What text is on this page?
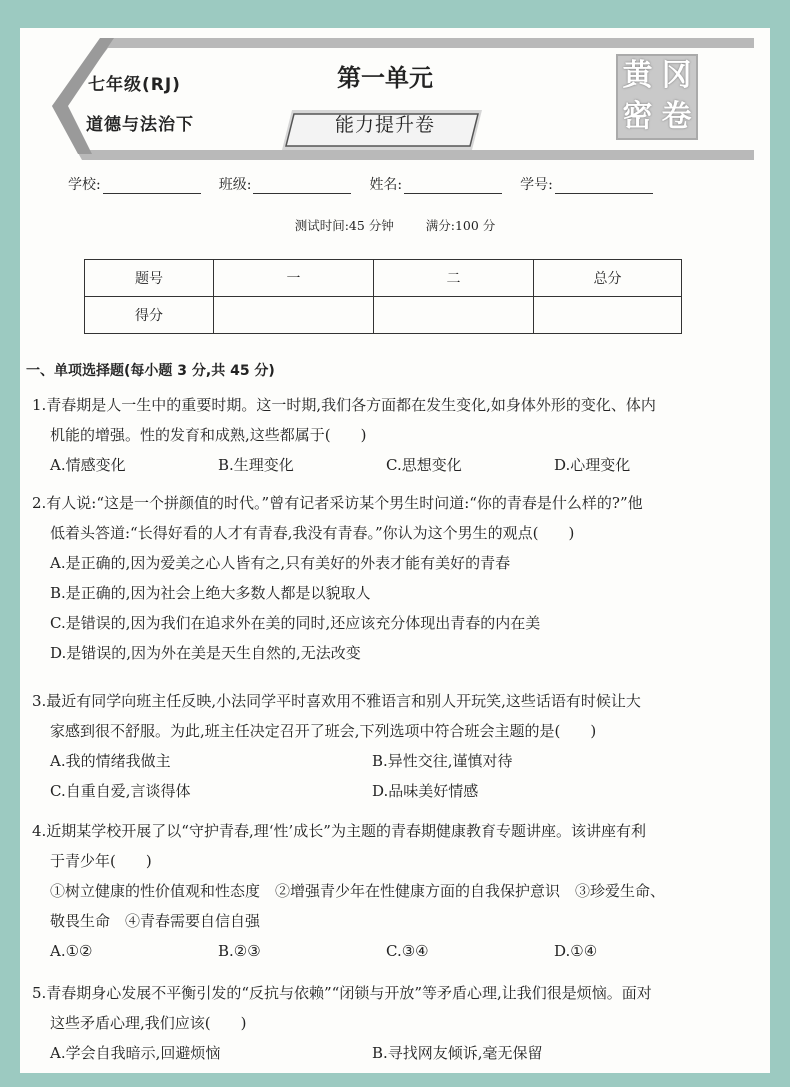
七年级(RJ)
道德与法治下
第一单元
能力提升卷
黄 冈
密 卷
学校:	班级:	姓名:	学号:
测试时间:45 分钟	满分:100 分
题号	一	二	总分
得分			
一、单项选择题(每小题 3 分,共 45 分)

1.青春期是人一生中的重要时期。这一时期,我们各方面都在发生变化,如身体外形的变化、体内

机能的增强。性的发育和成熟,这些都属于(　　)

A.情感变化	B.生理变化	C.思想变化	D.心理变化

2.有人说:“这是一个拼颜值的时代。”曾有记者采访某个男生时问道:“你的青春是什么样的?”他

低着头答道:“长得好看的人才有青春,我没有青春。”你认为这个男生的观点(　　)

A.是正确的,因为爱美之心人皆有之,只有美好的外表才能有美好的青春

B.是正确的,因为社会上绝大多数人都是以貌取人

C.是错误的,因为我们在追求外在美的同时,还应该充分体现出青春的内在美

D.是错误的,因为外在美是天生自然的,无法改变

3.最近有同学向班主任反映,小法同学平时喜欢用不雅语言和别人开玩笑,这些话语有时候让大

家感到很不舒服。为此,班主任决定召开了班会,下列选项中符合班会主题的是(　　)

A.我的情绪我做主	B.异性交往,谨慎对待
C.自重自爱,言谈得体	D.品味美好情感

4.近期某学校开展了以“守护青春,理‘性’成长”为主题的青春期健康教育专题讲座。该讲座有利

于青少年(　　)

①树立健康的性价值观和性态度　②增强青少年在性健康方面的自我保护意识　③珍爱生命、

敬畏生命　④青春需要自信自强

A.①②	B.②③	C.③④	D.①④

5.青春期身心发展不平衡引发的“反抗与依赖”“闭锁与开放”等矛盾心理,让我们很是烦恼。面对

这些矛盾心理,我们应该(　　)

A.学会自我暗示,回避烦恼	B.寻找网友倾诉,毫无保留
